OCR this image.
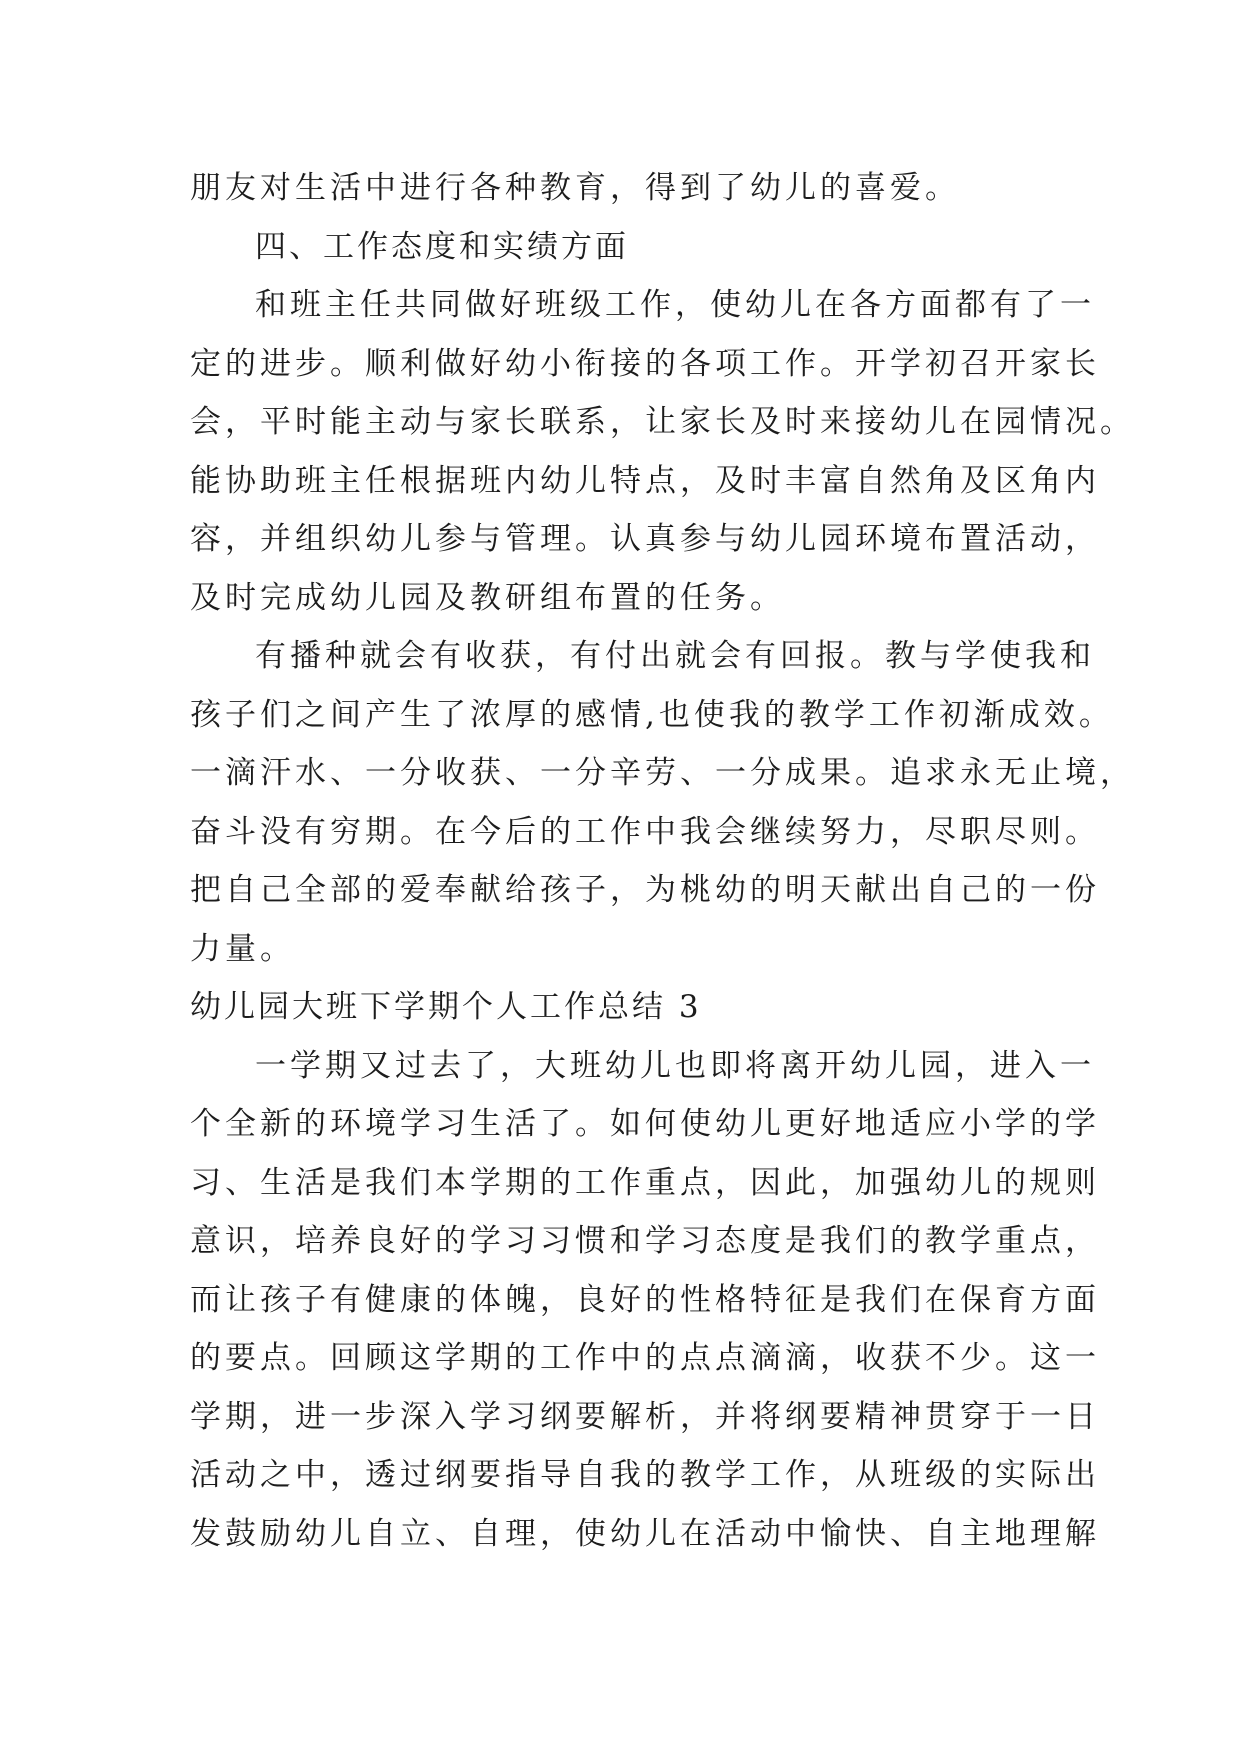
朋友对生活中进行各种教育，得到了幼儿的喜爱。
四、工作态度和实绩方面
和班主任共同做好班级工作，使幼儿在各方面都有了一
定的进步。顺利做好幼小衔接的各项工作。开学初召开家长
会，平时能主动与家长联系，让家长及时来接幼儿在园情况。
能协助班主任根据班内幼儿特点，及时丰富自然角及区角内
容，并组织幼儿参与管理。认真参与幼儿园环境布置活动，
及时完成幼儿园及教研组布置的任务。
有播种就会有收获，有付出就会有回报。教与学使我和
孩子们之间产生了浓厚的感情,也使我的教学工作初渐成效。
一滴汗水、一分收获、一分辛劳、一分成果。追求永无止境，
奋斗没有穷期。在今后的工作中我会继续努力，尽职尽则。
把自己全部的爱奉献给孩子，为桃幼的明天献出自己的一份
力量。
幼儿园大班下学期个人工作总结 3
一学期又过去了，大班幼儿也即将离开幼儿园，进入一
个全新的环境学习生活了。如何使幼儿更好地适应小学的学
习、生活是我们本学期的工作重点，因此，加强幼儿的规则
意识，培养良好的学习习惯和学习态度是我们的教学重点，
而让孩子有健康的体魄，良好的性格特征是我们在保育方面
的要点。回顾这学期的工作中的点点滴滴，收获不少。这一
学期，进一步深入学习纲要解析，并将纲要精神贯穿于一日
活动之中，透过纲要指导自我的教学工作，从班级的实际出
发鼓励幼儿自立、自理，使幼儿在活动中愉快、自主地理解
